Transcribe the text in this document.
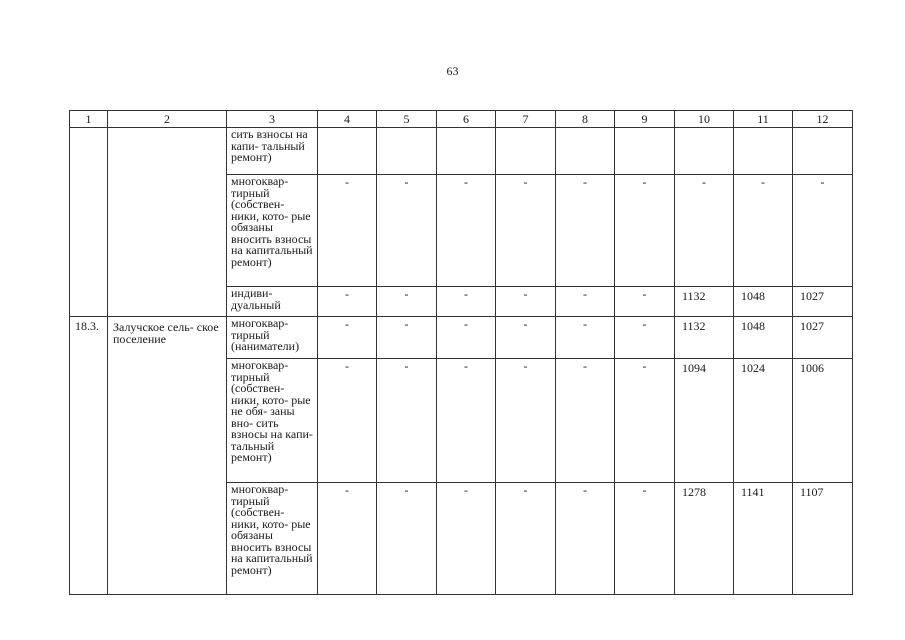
63
1	2	3	4	5	6	7	8	9	10	11	12
		сить взносы на капи- тальный ремонт)									
		многоквар- тирный (собствен- ники, кото- рые обязаны вносить взносы на капитальный ремонт)	-	-	-	-	-	-	-	-	-
		индиви- дуальный	-	-	-	-	-	-	1132	1048	1027
18.3.	Залучское сель- ское поселение	многоквар- тирный (наниматели)	-	-	-	-	-	-	1132	1048	1027
		многоквар- тирный (собствен- ники, кото- рые не обя- заны вно- сить взносы на капи- тальный ремонт)	-	-	-	-	-	-	1094	1024	1006
		многоквар- тирный (собствен- ники, кото- рые обязаны вносить взносы на капитальный ремонт)	-	-	-	-	-	-	1278	1141	1107
